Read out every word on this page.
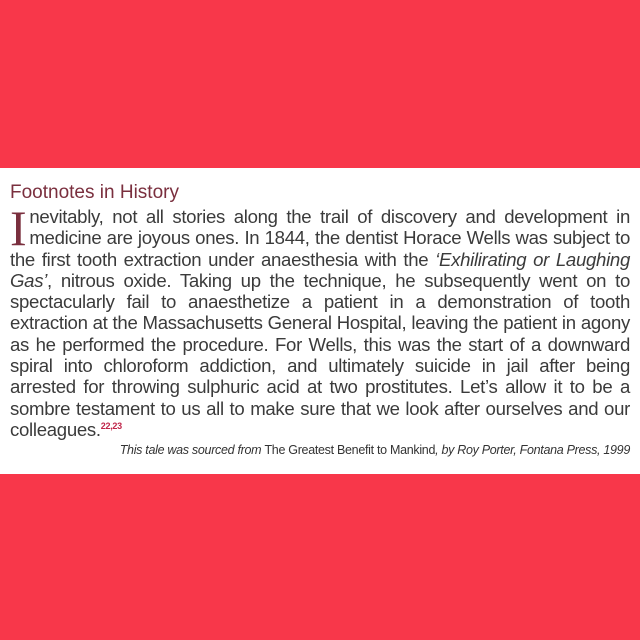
Footnotes in History
Inevitably, not all stories along the trail of discovery and development in medicine are joyous ones. In 1844, the dentist Horace Wells was subject to the first tooth extraction under anaesthesia with the ‘Exhilirating or Laughing Gas’, nitrous oxide. Taking up the technique, he subsequently went on to spectacularly fail to anaesthetize a patient in a demonstration of tooth extraction at the Massachusetts General Hospital, leaving the patient in agony as he performed the procedure. For Wells, this was the start of a downward spiral into chloroform addiction, and ultimately suicide in jail after being arrested for throwing sulphuric acid at two prostitutes. Let’s allow it to be a sombre testament to us all to make sure that we look after ourselves and our colleagues.$^{22,23}$
This tale was sourced from The Greatest Benefit to Mankind, by Roy Porter, Fontana Press, 1999
